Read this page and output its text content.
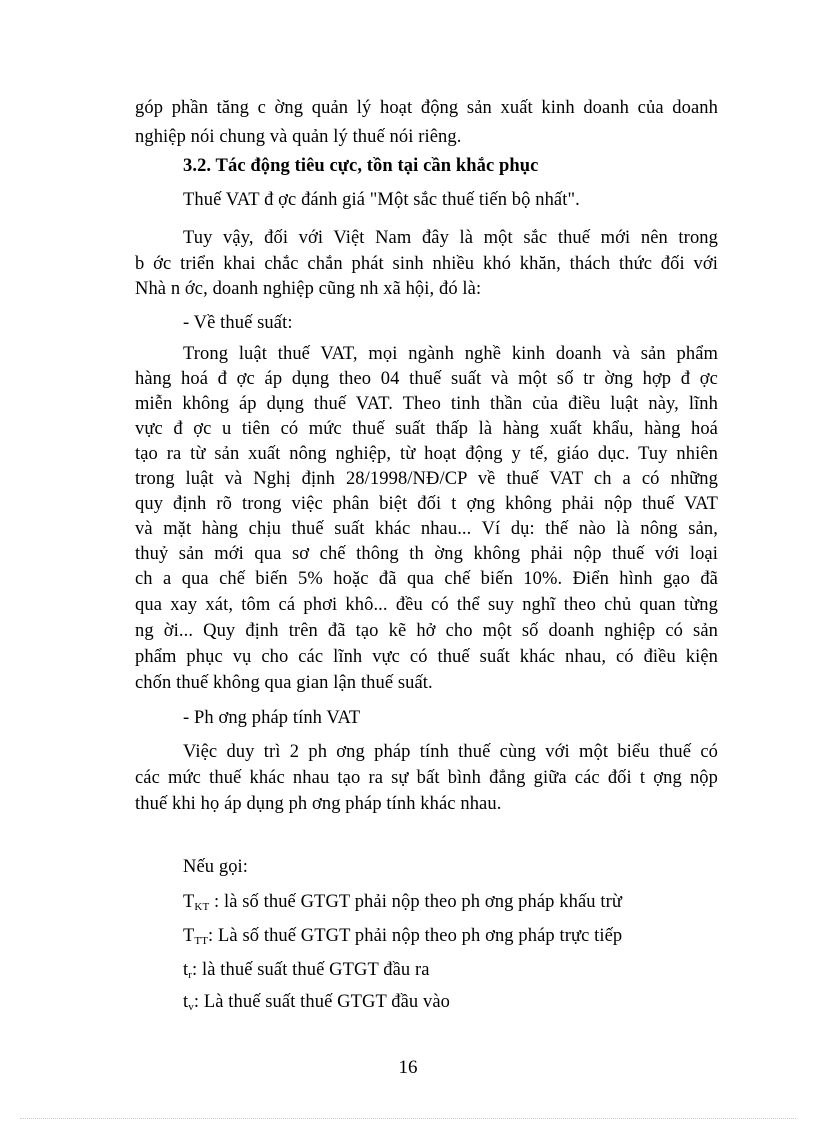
góp phần tăng c ờng quản lý hoạt động sản xuất kinh doanh của doanh
nghiệp nói chung và quản lý thuế nói riêng.
3.2. Tác động tiêu cực, tồn tại cần khắc phục
Thuế VAT đ ợc đánh giá "Một sắc thuế tiến bộ nhất".
Tuy vậy, đối với Việt Nam đây là một sắc thuế mới nên trong
b ớc triển khai chắc chắn phát sinh nhiều khó khăn, thách thức đối với
Nhà n ớc, doanh nghiệp cũng nh xã hội, đó là:
- Về thuế suất:
Trong luật thuế VAT, mọi ngành nghề kinh doanh và sản phẩm
hàng hoá đ ợc áp dụng theo 04 thuế suất và một số tr ờng hợp đ ợc
miễn không áp dụng thuế VAT. Theo tinh thần của điều luật này, lĩnh
vực đ ợc u tiên có mức thuế suất thấp là hàng xuất khẩu, hàng hoá
tạo ra từ sản xuất nông nghiệp, từ hoạt động y tế, giáo dục. Tuy nhiên
trong luật và Nghị định 28/1998/NĐ/CP về thuế VAT ch a có những
quy định rõ trong việc phân biệt đối t ợng không phải nộp thuế VAT
và mặt hàng chịu thuế suất khác nhau... Ví dụ: thế nào là nông sản,
thuỷ sản mới qua sơ chế thông th ờng không phải nộp thuế với loại
ch a qua chế biến 5% hoặc đã qua chế biến 10%. Điển hình gạo đã
qua xay xát, tôm cá phơi khô... đều có thể suy nghĩ theo chủ quan từng
ng ời... Quy định trên đã tạo kẽ hở cho một số doanh nghiệp có sản
phẩm phục vụ cho các lĩnh vực có thuế suất khác nhau, có điều kiện
chốn thuế không qua gian lận thuế suất.
- Ph ơng pháp tính VAT
Việc duy trì 2 ph ơng pháp tính thuế cùng với một biểu thuế có
các mức thuế khác nhau tạo ra sự bất bình đẳng giữa các đối t ợng nộp
thuế khi họ áp dụng ph ơng pháp tính khác nhau.
Nếu gọi:
$T_{KT}$ : là số thuế GTGT phải nộp theo ph ơng pháp khấu trừ
$T_{TT}$: Là số thuế GTGT phải nộp theo ph ơng pháp trực tiếp
$t_r$: là thuế suất thuế GTGT đầu ra
$t_v$: Là thuế suất thuế GTGT đầu vào
16
